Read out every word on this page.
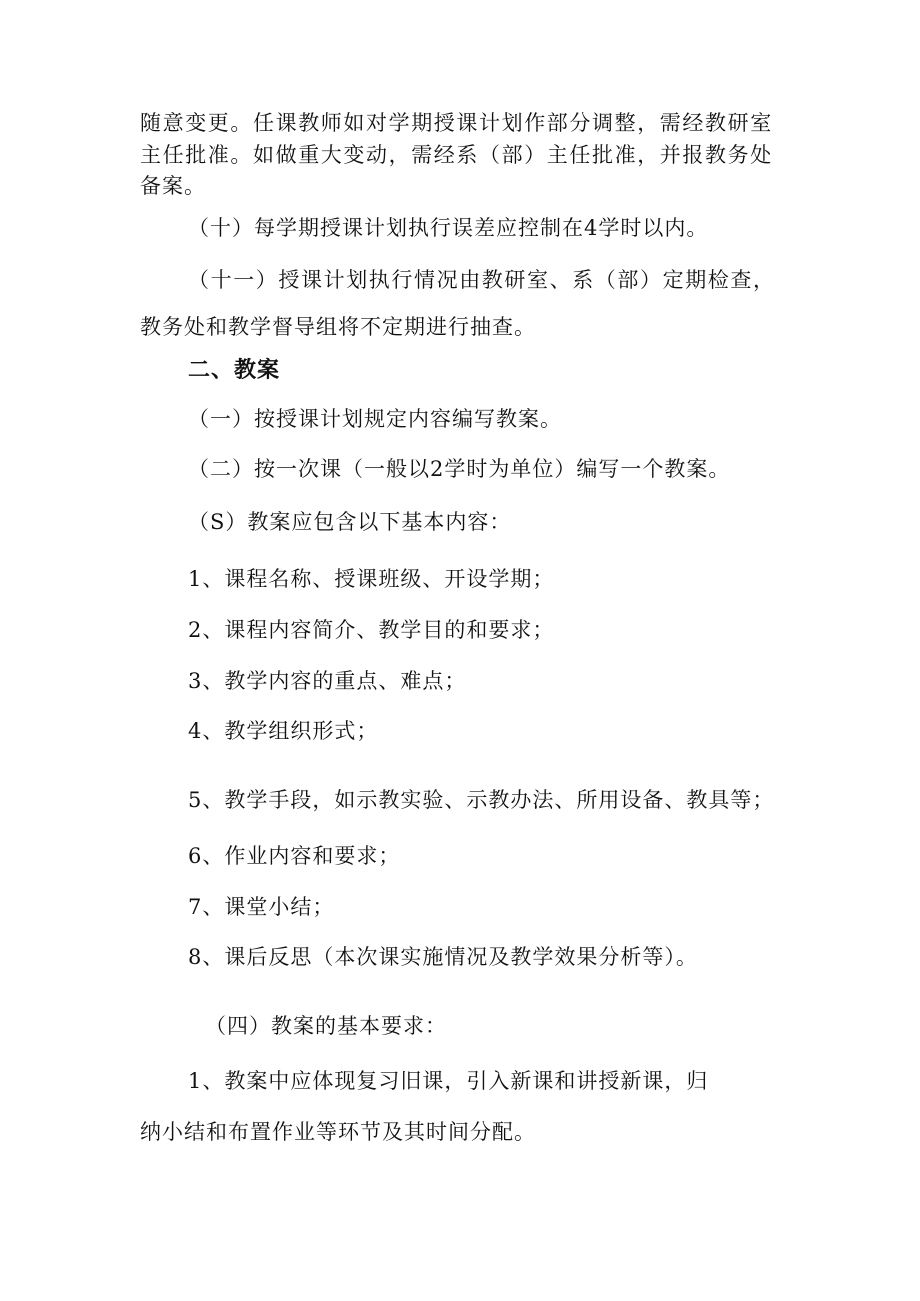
随意变更。任课教师如对学期授课计划作部分调整，需经教研室
主任批准。如做重大变动，需经系（部）主任批准，并报教务处
备案。
（十）每学期授课计划执行误差应控制在4学时以内。
（十一）授课计划执行情况由教研室、系（部）定期检查，
教务处和教学督导组将不定期进行抽查。
二、教案
（一）按授课计划规定内容编写教案。
（二）按一次课（一般以2学时为单位）编写一个教案。
（S）教案应包含以下基本内容：
1、课程名称、授课班级、开设学期；
2、课程内容简介、教学目的和要求；
3、教学内容的重点、难点；
4、教学组织形式；
5、教学手段，如示教实验、示教办法、所用设备、教具等；
6、作业内容和要求；
7、课堂小结；
8、课后反思（本次课实施情况及教学效果分析等）。
（四）教案的基本要求：
1、教案中应体现复习旧课，引入新课和讲授新课，归
纳小结和布置作业等环节及其时间分配。
